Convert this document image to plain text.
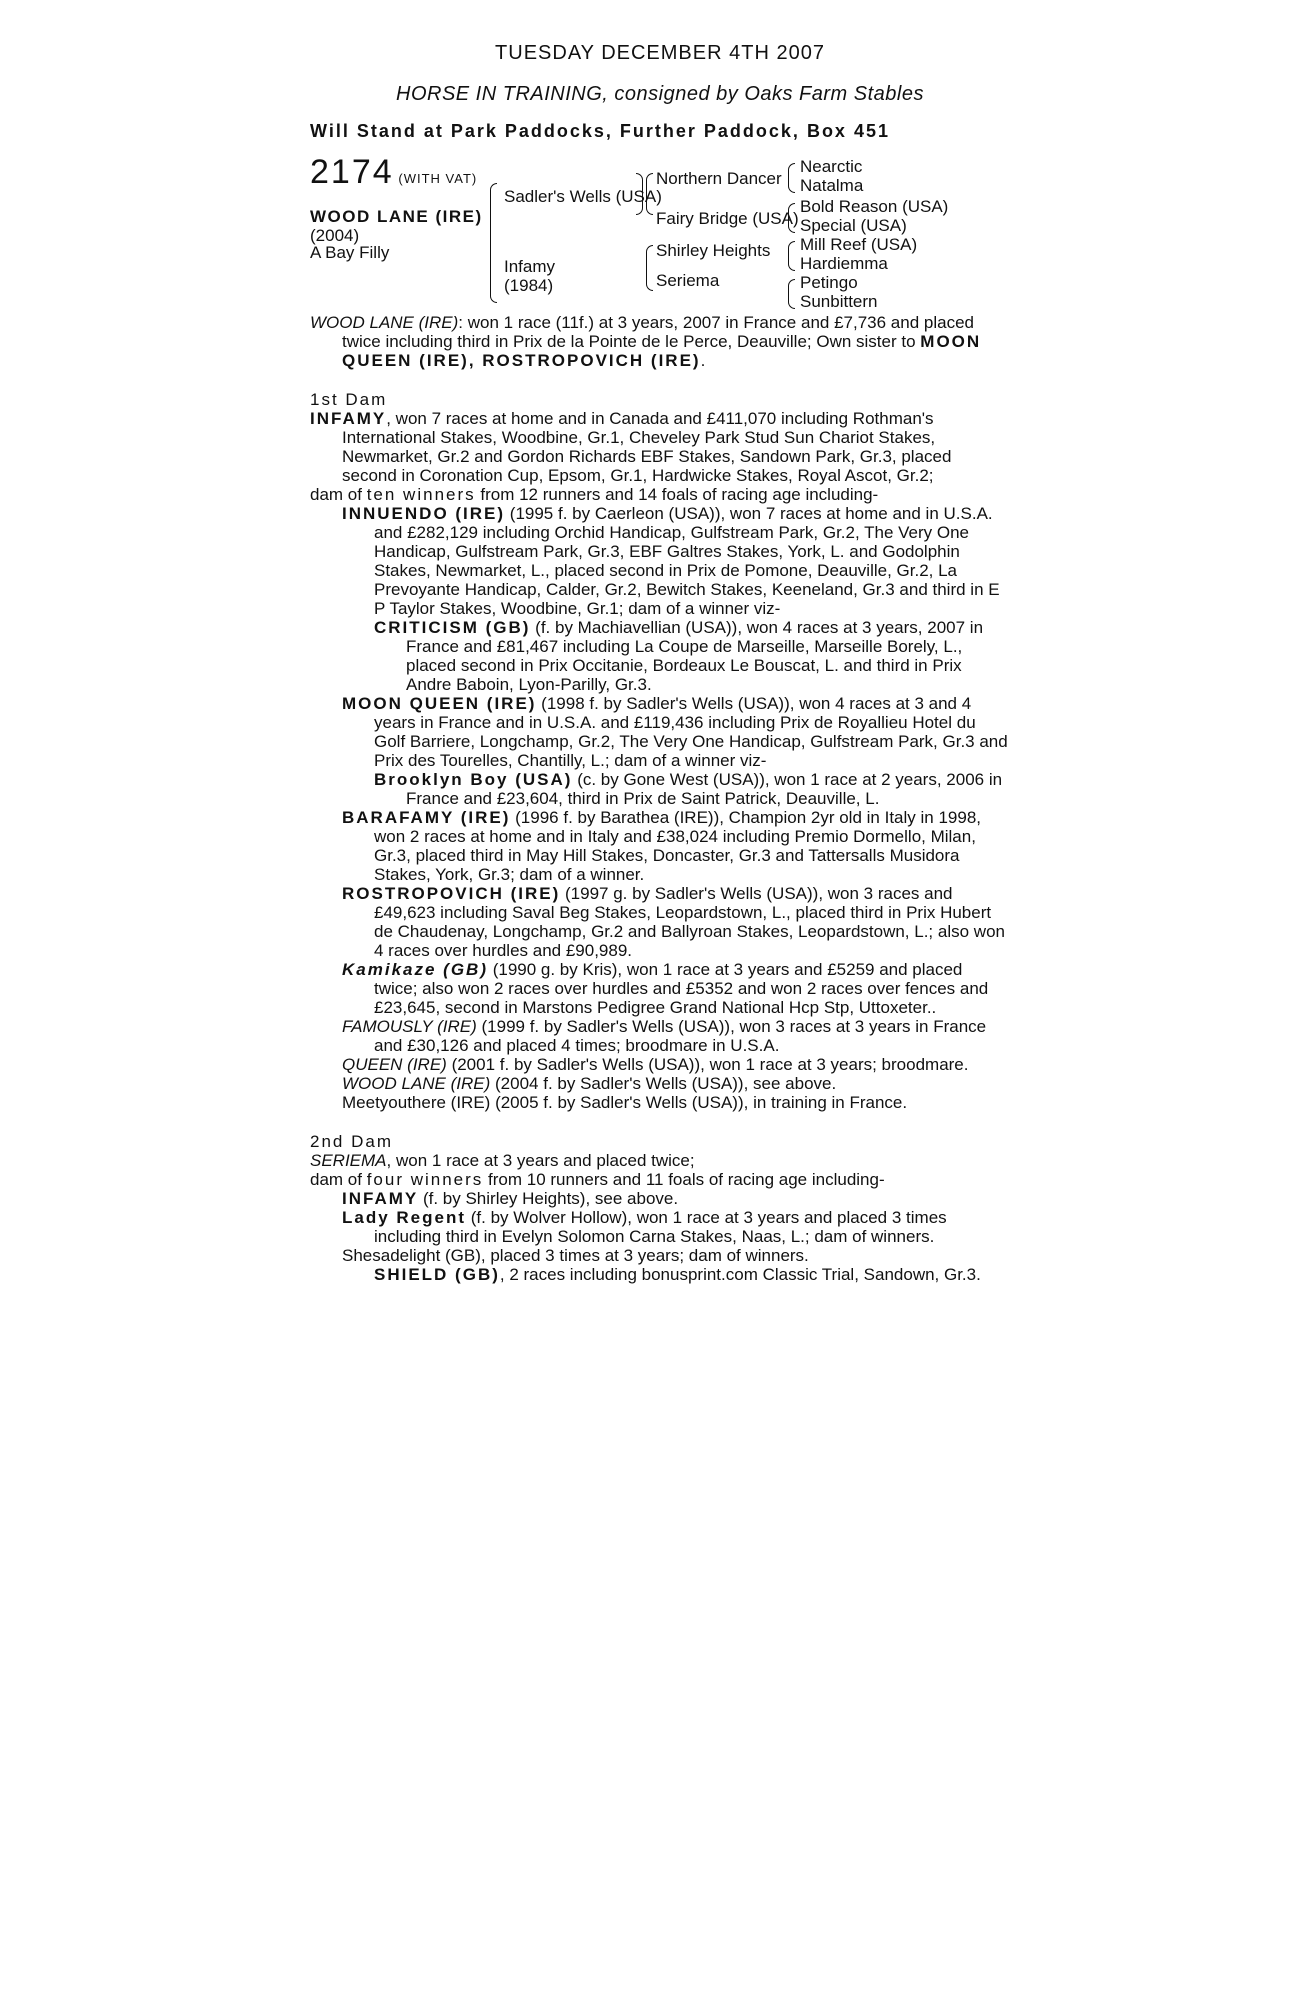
TUESDAY DECEMBER 4TH 2007
HORSE IN TRAINING, consigned by Oaks Farm Stables
Will Stand at Park Paddocks, Further Paddock, Box 451
2174 (WITH VAT)
WOOD LANE (IRE)
(2004)
A Bay Filly
Sadler's Wells (USA)
Infamy
(1984)
Northern Dancer
Fairy Bridge (USA)
Shirley Heights
Seriema
Nearctic
Natalma
Bold Reason (USA)
Special (USA)
Mill Reef (USA)
Hardiemma
Petingo
Sunbittern

WOOD LANE (IRE): won 1 race (11f.) at 3 years, 2007 in France and £7,736 and placed twice including third in Prix de la Pointe de le Perce, Deauville; Own sister to MOON QUEEN (IRE), ROSTROPOVICH (IRE).

1st Dam

INFAMY, won 7 races at home and in Canada and £411,070 including Rothman's International Stakes, Woodbine, Gr.1, Cheveley Park Stud Sun Chariot Stakes, Newmarket, Gr.2 and Gordon Richards EBF Stakes, Sandown Park, Gr.3, placed second in Coronation Cup, Epsom, Gr.1, Hardwicke Stakes, Royal Ascot, Gr.2;

dam of ten winners from 12 runners and 14 foals of racing age including-

INNUENDO (IRE) (1995 f. by Caerleon (USA)), won 7 races at home and in U.S.A. and £282,129 including Orchid Handicap, Gulfstream Park, Gr.2, The Very One Handicap, Gulfstream Park, Gr.3, EBF Galtres Stakes, York, L. and Godolphin Stakes, Newmarket, L., placed second in Prix de Pomone, Deauville, Gr.2, La Prevoyante Handicap, Calder, Gr.2, Bewitch Stakes, Keeneland, Gr.3 and third in E P Taylor Stakes, Woodbine, Gr.1; dam of a winner viz-

CRITICISM (GB) (f. by Machiavellian (USA)), won 4 races at 3 years, 2007 in France and £81,467 including La Coupe de Marseille, Marseille Borely, L., placed second in Prix Occitanie, Bordeaux Le Bouscat, L. and third in Prix Andre Baboin, Lyon-Parilly, Gr.3.

MOON QUEEN (IRE) (1998 f. by Sadler's Wells (USA)), won 4 races at 3 and 4 years in France and in U.S.A. and £119,436 including Prix de Royallieu Hotel du Golf Barriere, Longchamp, Gr.2, The Very One Handicap, Gulfstream Park, Gr.3 and Prix des Tourelles, Chantilly, L.; dam of a winner viz-

Brooklyn Boy (USA) (c. by Gone West (USA)), won 1 race at 2 years, 2006 in France and £23,604, third in Prix de Saint Patrick, Deauville, L.

BARAFAMY (IRE) (1996 f. by Barathea (IRE)), Champion 2yr old in Italy in 1998, won 2 races at home and in Italy and £38,024 including Premio Dormello, Milan, Gr.3, placed third in May Hill Stakes, Doncaster, Gr.3 and Tattersalls Musidora Stakes, York, Gr.3; dam of a winner.

ROSTROPOVICH (IRE) (1997 g. by Sadler's Wells (USA)), won 3 races and £49,623 including Saval Beg Stakes, Leopardstown, L., placed third in Prix Hubert de Chaudenay, Longchamp, Gr.2 and Ballyroan Stakes, Leopardstown, L.; also won 4 races over hurdles and £90,989.

Kamikaze (GB) (1990 g. by Kris), won 1 race at 3 years and £5259 and placed twice; also won 2 races over hurdles and £5352 and won 2 races over fences and £23,645, second in Marstons Pedigree Grand National Hcp Stp, Uttoxeter..

FAMOUSLY (IRE) (1999 f. by Sadler's Wells (USA)), won 3 races at 3 years in France and £30,126 and placed 4 times; broodmare in U.S.A.

QUEEN (IRE) (2001 f. by Sadler's Wells (USA)), won 1 race at 3 years; broodmare.

WOOD LANE (IRE) (2004 f. by Sadler's Wells (USA)), see above.

Meetyouthere (IRE) (2005 f. by Sadler's Wells (USA)), in training in France.

2nd Dam

SERIEMA, won 1 race at 3 years and placed twice;

dam of four winners from 10 runners and 11 foals of racing age including-

INFAMY (f. by Shirley Heights), see above.

Lady Regent (f. by Wolver Hollow), won 1 race at 3 years and placed 3 times including third in Evelyn Solomon Carna Stakes, Naas, L.; dam of winners.

Shesadelight (GB), placed 3 times at 3 years; dam of winners.

SHIELD (GB), 2 races including bonusprint.com Classic Trial, Sandown, Gr.3.
